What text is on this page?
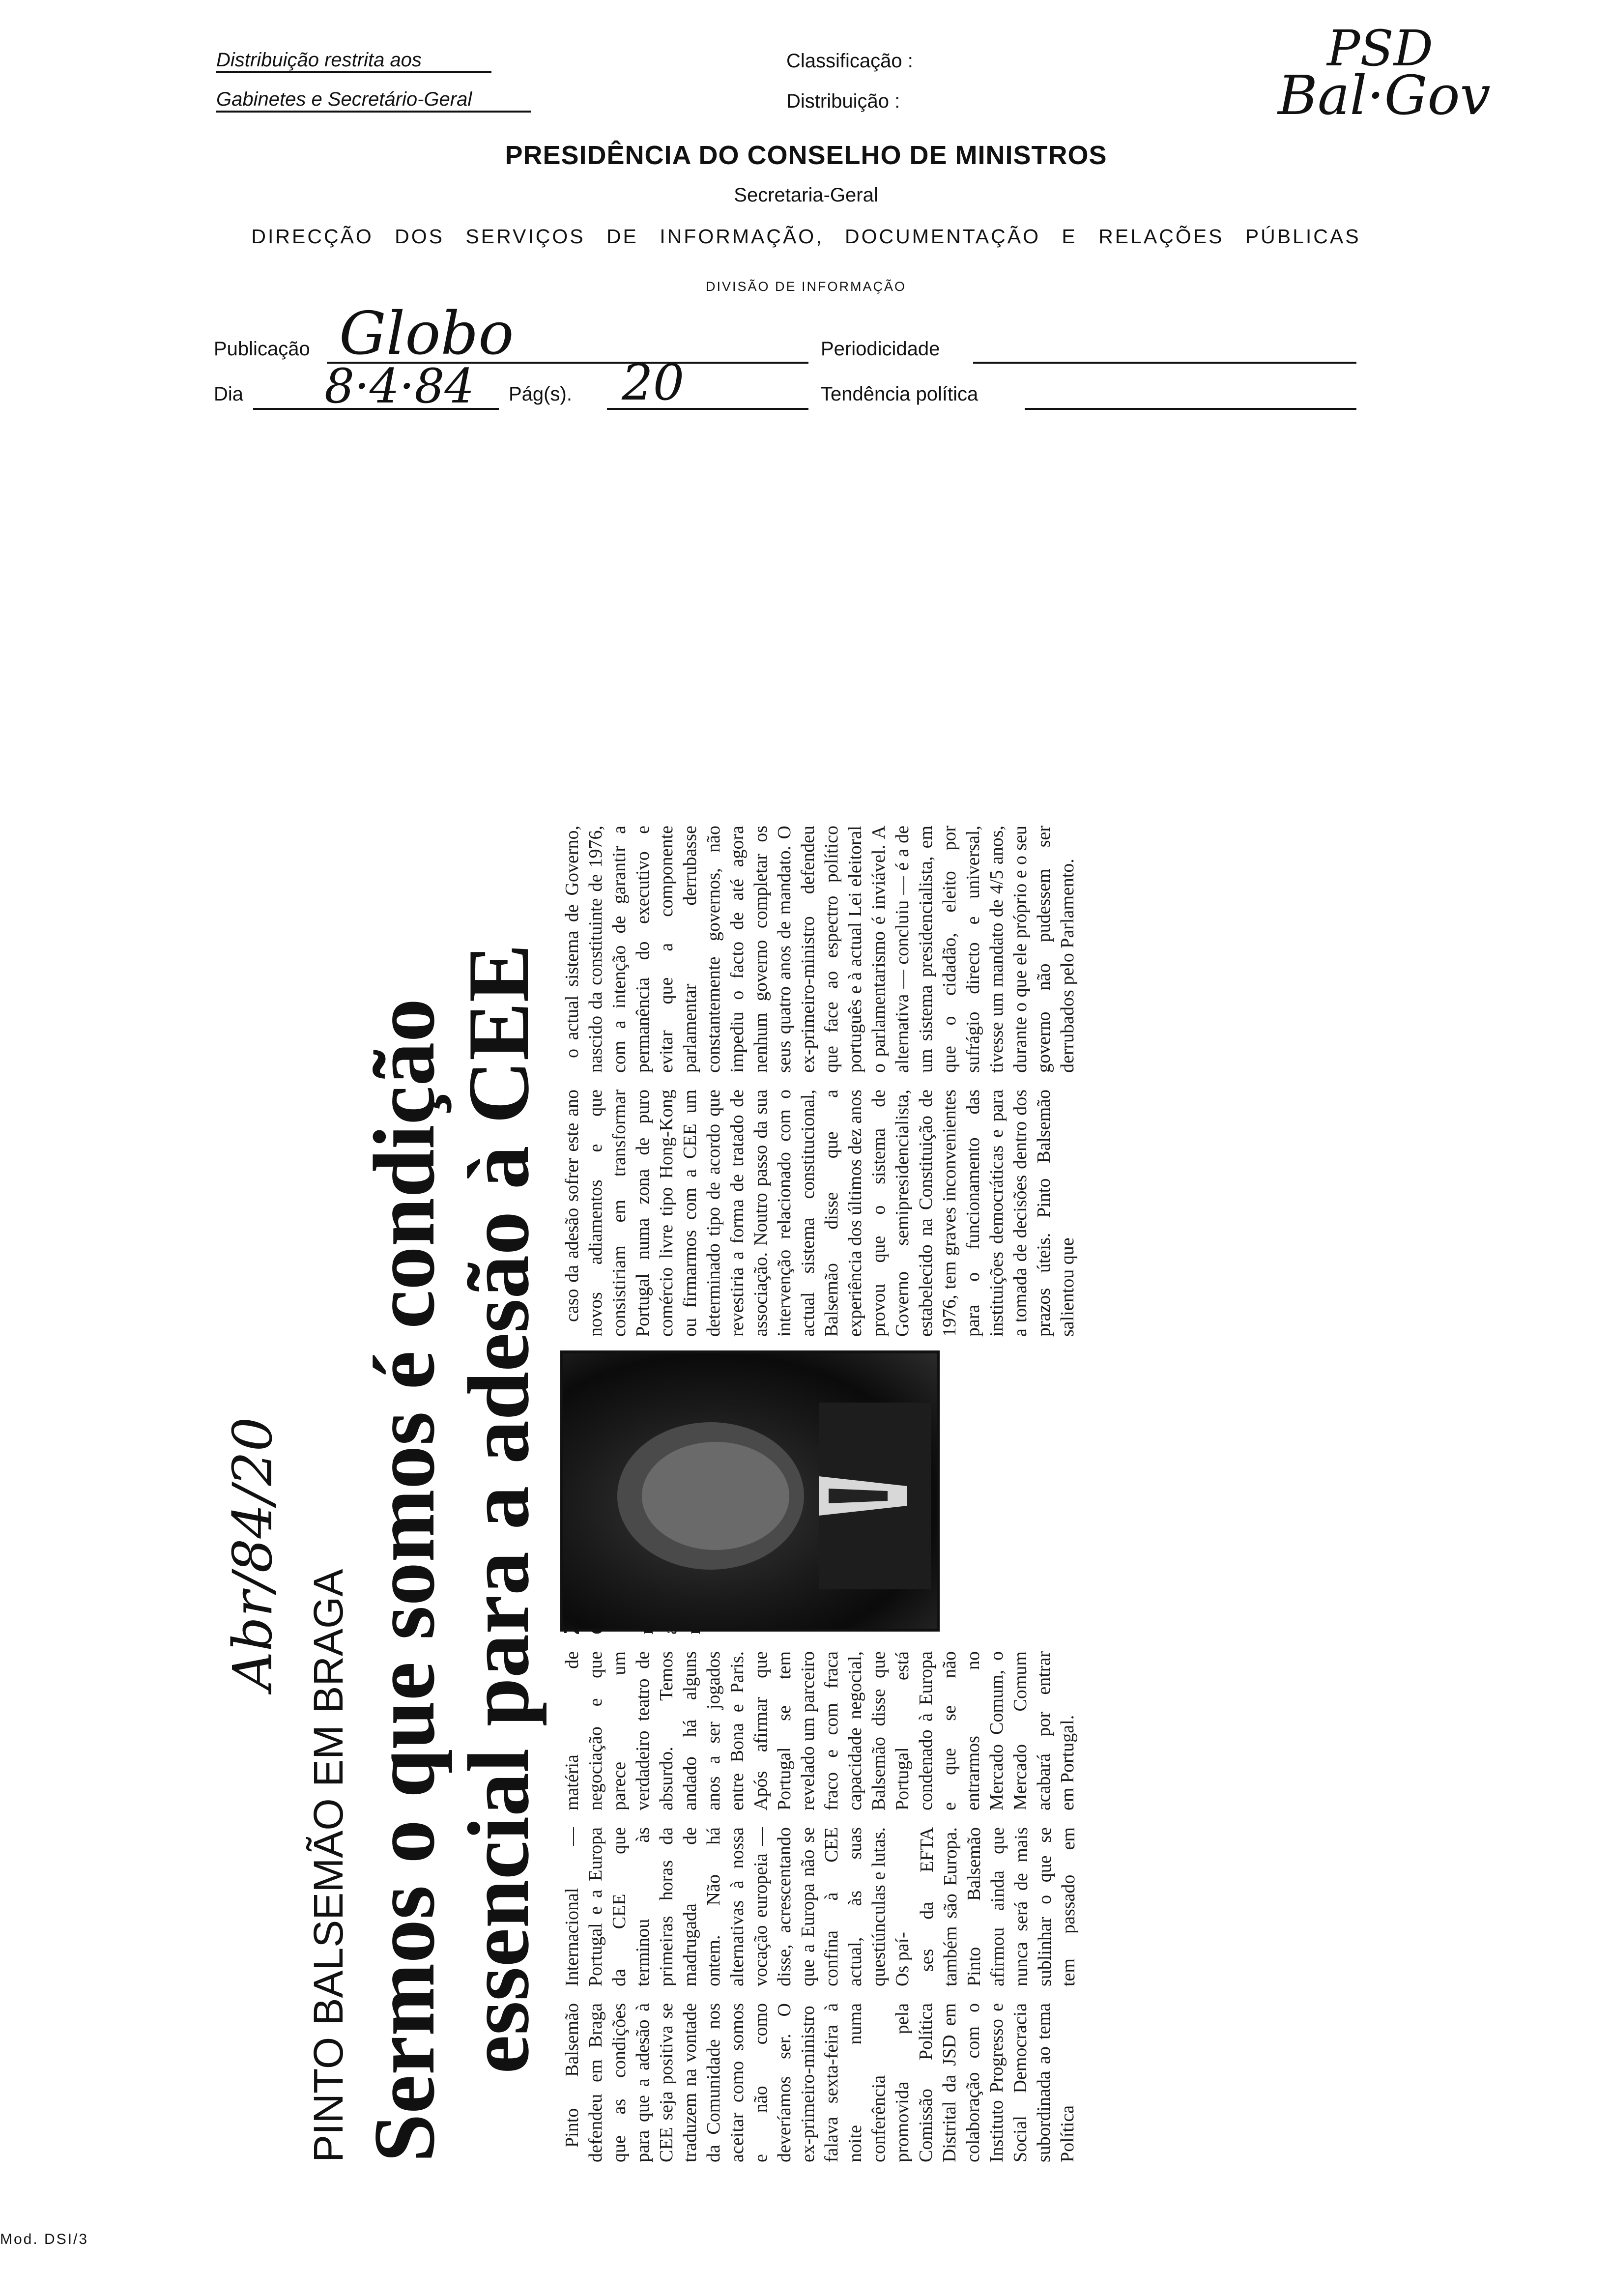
Distribuição restrita aos
Gabinetes e Secretário-Geral
Classificação :
Distribuição :
PSD
Bal·Gov
PRESIDÊNCIA DO CONSELHO DE MINISTROS
Secretaria-Geral
DIRECÇÃO DOS SERVIÇOS DE INFORMAÇÃO, DOCUMENTAÇÃO E RELAÇÕES PÚBLICAS
DIVISÃO DE INFORMAÇÃO
Publicação Globo	Periodicidade
Dia 8·4·84 Pág(s). 20	Tendência política
PINTO BALSEMÃO EM BRAGA Sermos o que somos é condição
essencial para a adesão à CEE
Abr/84/20

Pinto Balsemão defendeu em Braga que as condições para que a adesão à CEE seja positiva se traduzem na vontade da Comunidade nos aceitar como somos e não como deveríamos ser. O ex-primeiro-ministro falava sexta-feira à noite numa conferência promovida pela Comissão Política Distrital da JSD em colaboração com o Instituto Progresso e Social Democracia subordinada ao tema Política Internacional — Portugal e a Europa da CEE que terminou às primeiras horas da madrugada de ontem. Não há alternativas à nossa vocação europeia — disse, acrescentando que a Europa não se confina à CEE actual, às suas questiúnculas e lutas. Os paí- ses da EFTA também são Europa. Pinto Balsemão afirmou ainda que nunca será de mais sublinhar o que se tem passado em matéria de negociação e que parece um verdadeiro teatro de absurdo. Temos andado há alguns anos a ser jogados entre Bona e Paris. Após afirmar que Portugal se tem revelado um parceiro fraco e com fraca capacidade negocial, Balsemão disse que Portugal está condenado à Europa e que se não entrarmos no Mercado Comum, o Mercado Comum acabará por entrar em Portugal.

caso da adesão sofrer este ano novos adiamentos e que consistiriam em transformar Portugal numa zona de puro comércio livre tipo Hong-Kong ou firmarmos com a CEE um determinado tipo de acordo que revestiria a forma de tratado de associação. Noutro passo da sua intervenção relacionado com o actual sistema constitucional, Balsemão disse que a experiência dos últimos dez anos provou que o sistema de Governo semipresidencialista, estabelecido na Constituição de 1976, tem graves inconvenientes para o funcionamento das instituições democráticas e para a tomada de decisões dentro dos prazos úteis. Pinto Balsemão salientou que

o actual sistema de Governo, nascido da constituinte de 1976, com a intenção de garantir a permanência do executivo e evitar que a componente parlamentar derrubasse constantemente governos, não impediu o facto de até agora nenhum governo completar os seus quatro anos de mandato. O ex-primeiro-ministro defendeu que face ao espectro político português e à actual Lei eleitoral o parlamentarismo é inviável. A alternativa — concluiu — é a de um sistema presidencialista, em que o cidadão, eleito por sufrágio directo e universal, tivesse um mandato de 4/5 anos, durante o que ele próprio e o seu governo não pudessem ser derrubados pelo Parlamento.

Mod. DSI/3
